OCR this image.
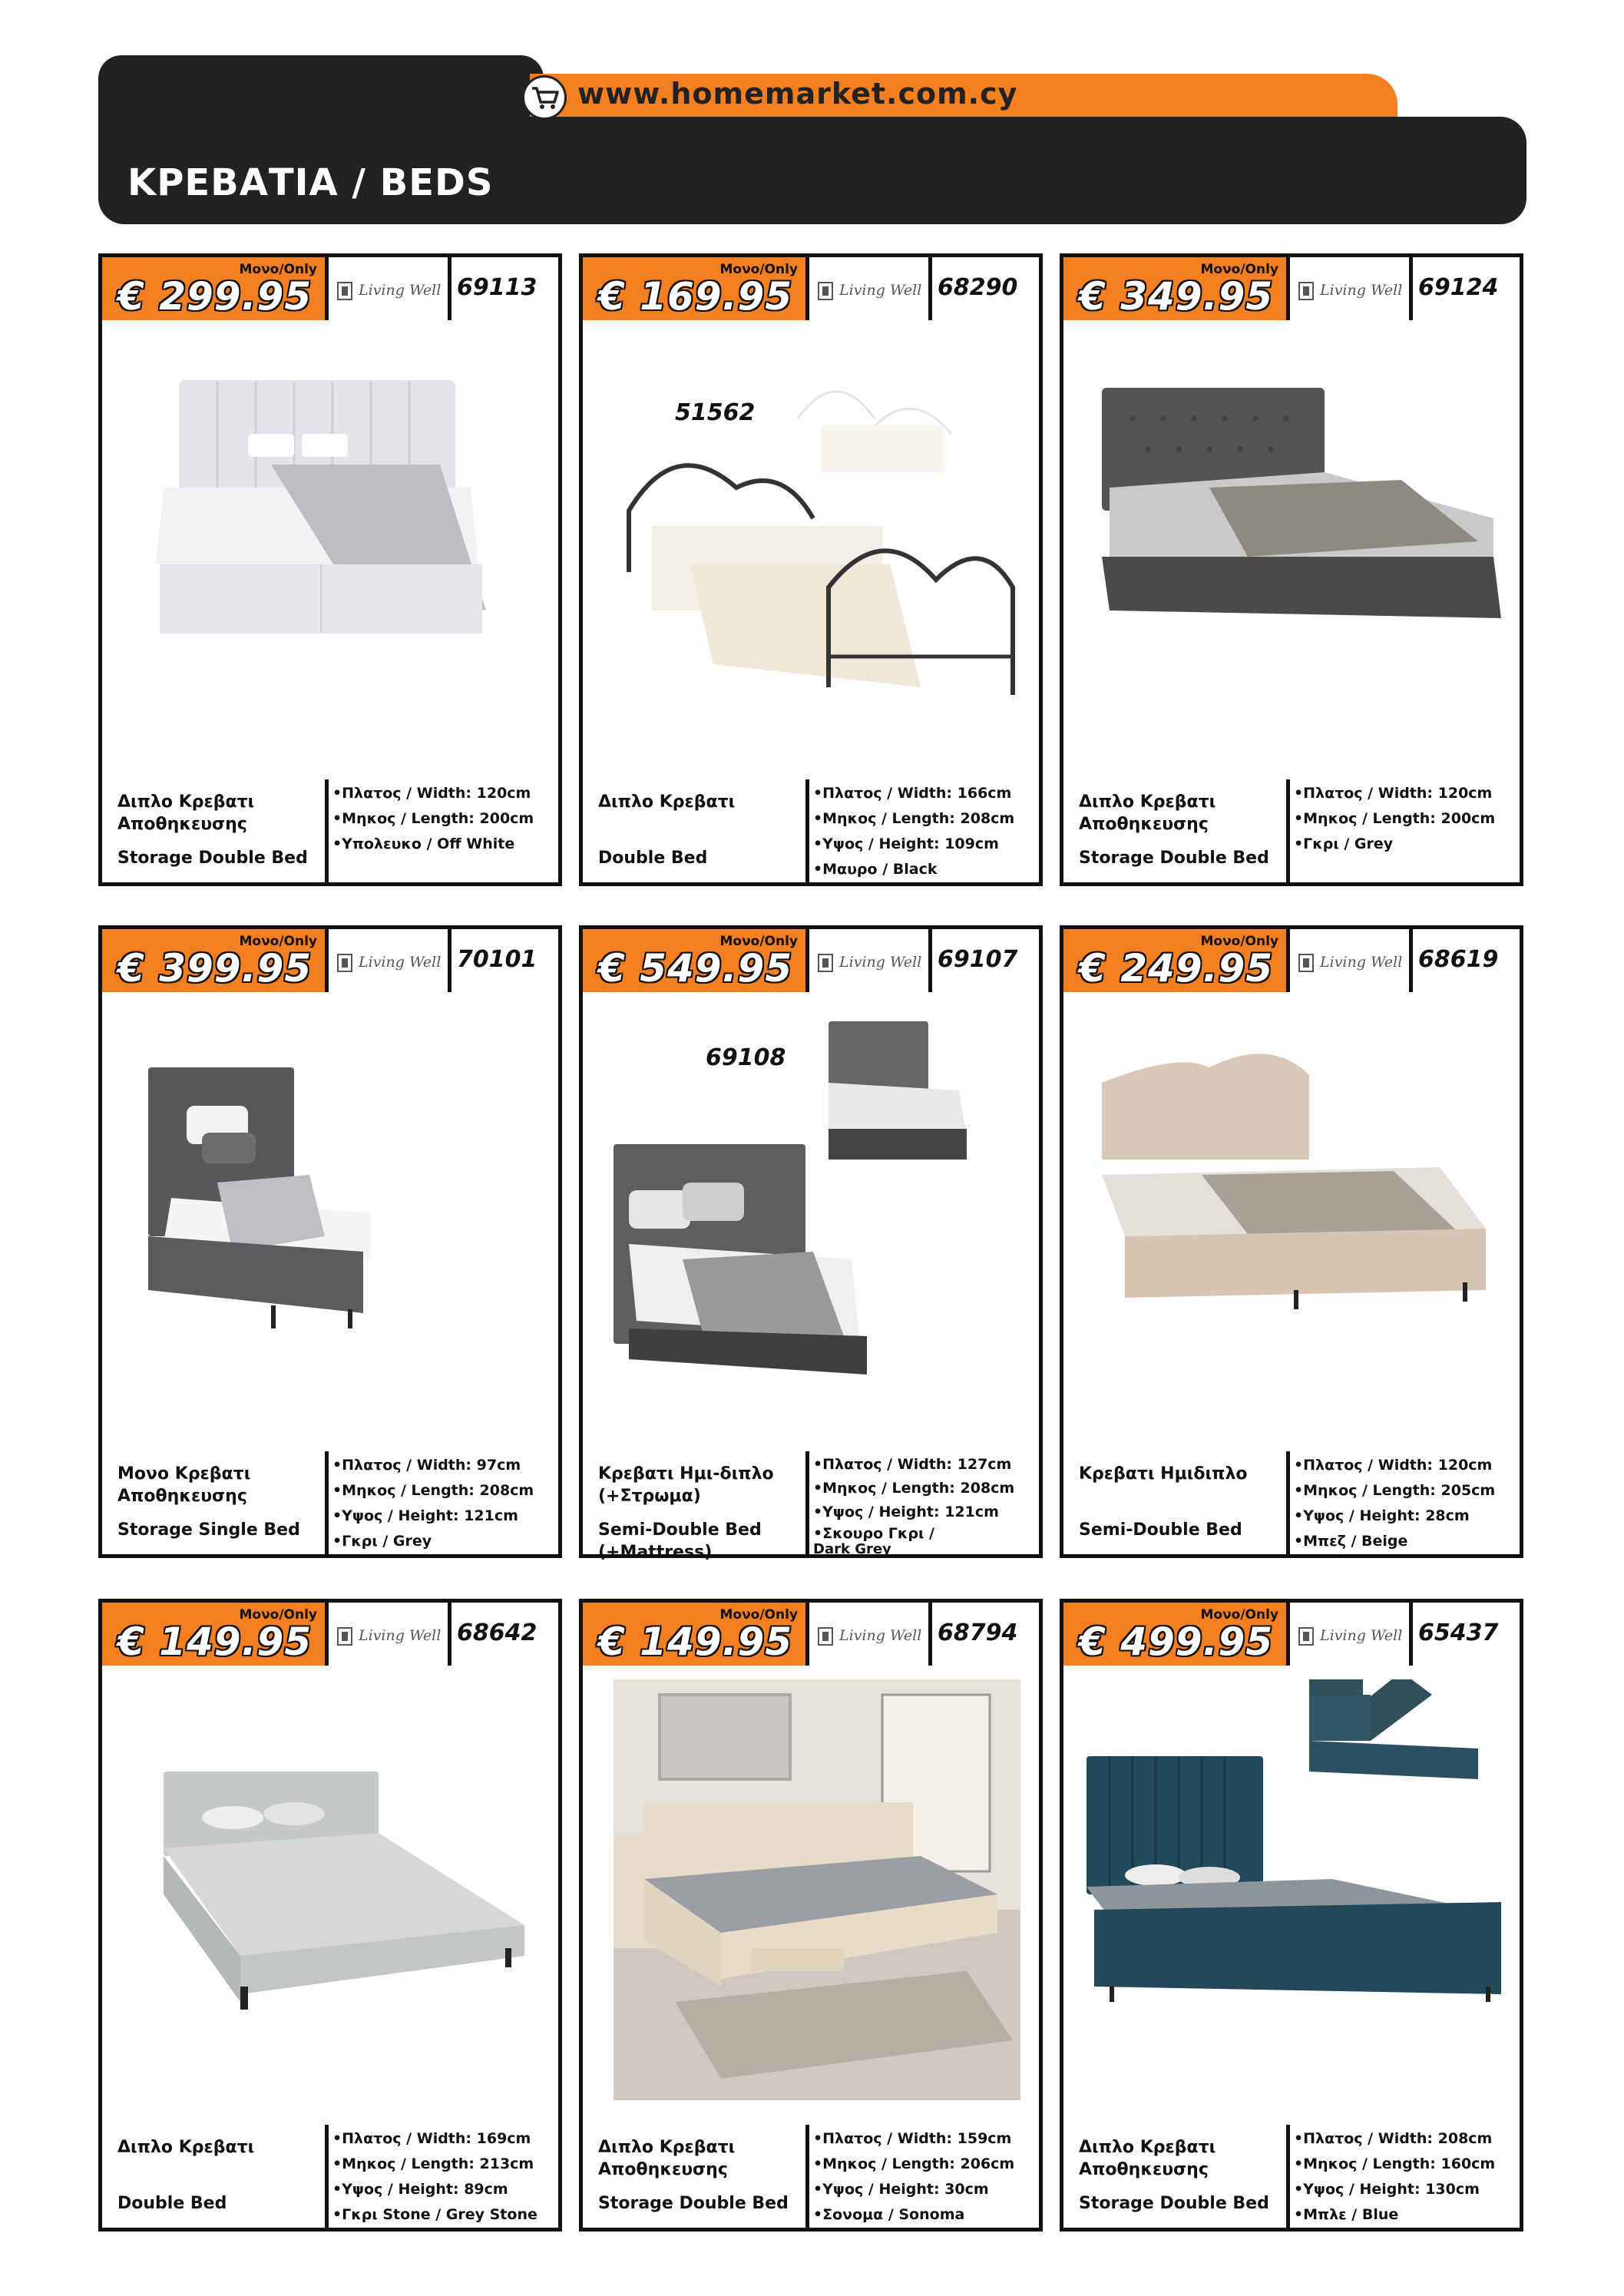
ΚΡΕΒΑΤΙΑ / BEDS
www.homemarket.com.cy
Μονο/Only
€ 299.95	Living Well 69113
Διπλο Κρεβατι Αποθηκευσης
Storage Double Bed
•Πλατος / Width: 120cm
•Μηκος / Length: 200cm
•Υπολευκο / Off White
Μονο/Only
€ 169.95	Living Well 68290
51562
Διπλο Κρεβατι
Double Bed
•Πλατος / Width: 166cm
•Μηκος / Length: 208cm
•Υψος / Height: 109cm
•Μαυρο / Black
Μονο/Only
€ 349.95	Living Well 69124
Διπλο Κρεβατι Αποθηκευσης
Storage Double Bed
•Πλατος / Width: 120cm
•Μηκος / Length: 200cm
•Γκρι / Grey
Μονο/Only
€ 399.95	Living Well 70101
Μονο Κρεβατι Αποθηκευσης
Storage Single Bed
•Πλατος / Width: 97cm
•Μηκος / Length: 208cm
•Υψος / Height: 121cm
•Γκρι / Grey
Μονο/Only
€ 549.95	Living Well 69107
69108
Κρεβατι Ημι-διπλο (+Στρωμα)
Semi-Double Bed (+Mattress)
•Πλατος / Width: 127cm
•Μηκος / Length: 208cm
•Υψος / Height: 121cm
•Σκουρο Γκρι /
Dark Grey
Μονο/Only
€ 249.95	Living Well 68619
Κρεβατι Ημιδιπλο
Semi-Double Bed
•Πλατος / Width: 120cm
•Μηκος / Length: 205cm
•Υψος / Height: 28cm
•Μπεζ / Beige
Μονο/Only
€ 149.95	Living Well 68642
Διπλο Κρεβατι
Double Bed
•Πλατος / Width: 169cm
•Μηκος / Length: 213cm
•Υψος / Height: 89cm
•Γκρι Stone / Grey Stone
Μονο/Only
€ 149.95	Living Well 68794
Διπλο Κρεβατι Αποθηκευσης
Storage Double Bed
•Πλατος / Width: 159cm
•Μηκος / Length: 206cm
•Υψος / Height: 30cm
•Σονομα / Sonoma
Μονο/Only
€ 499.95	Living Well 65437
Διπλο Κρεβατι Αποθηκευσης
Storage Double Bed
•Πλατος / Width: 208cm
•Μηκος / Length: 160cm
•Υψος / Height: 130cm
•Μπλε / Blue
